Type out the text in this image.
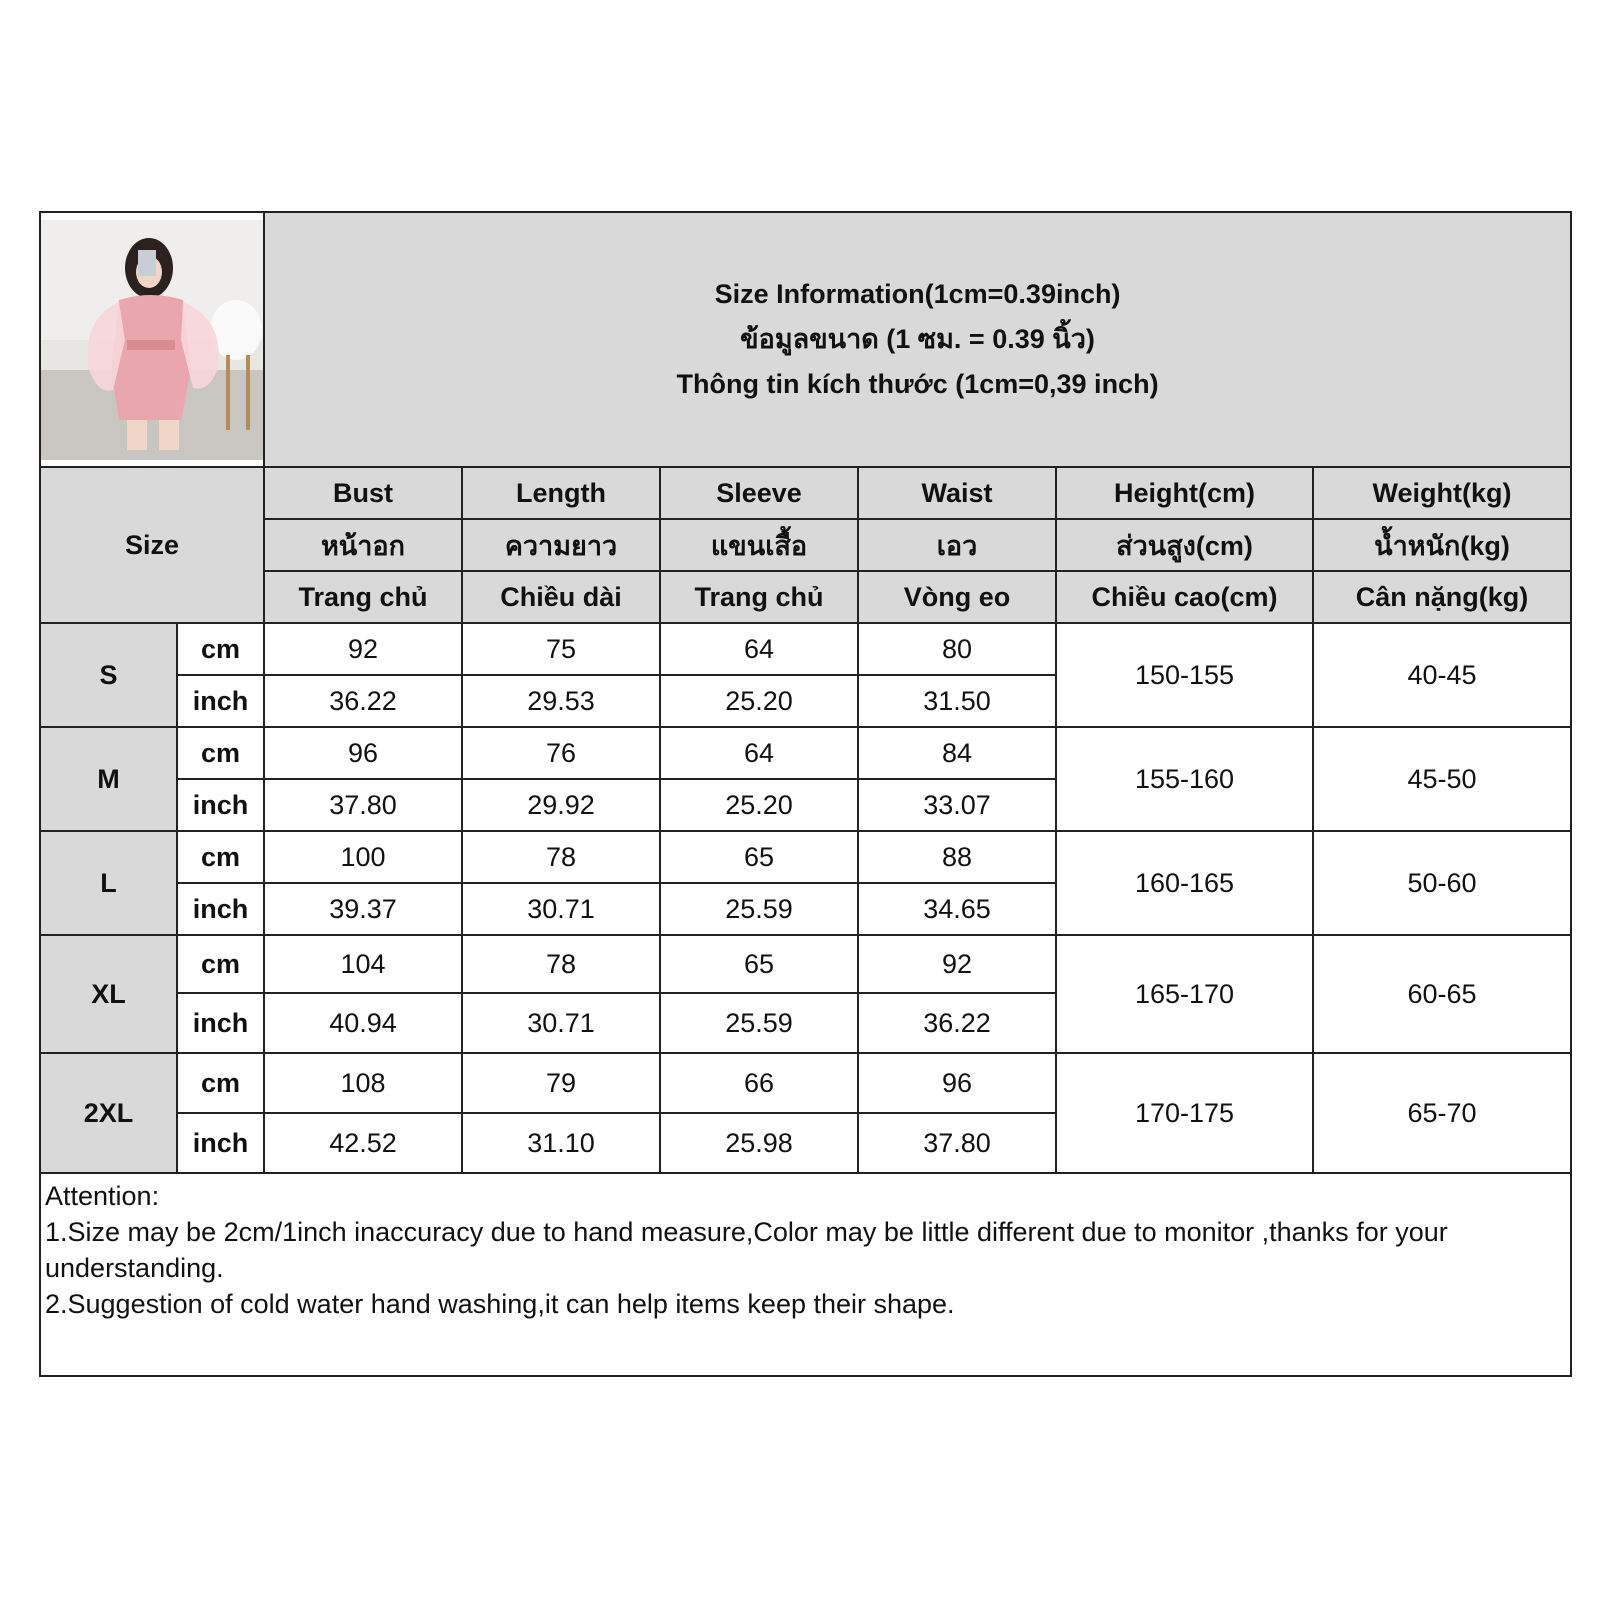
Size Information(1cm=0.39inch)
ข้อมูลขนาด (1 ซม. = 0.39 นิ้ว)
Thông tin kích thước (1cm=0,39 inch)					

Size		Bust	Length	Sleeve	Waist	Height(cm)	Weight(kg)
		หน้าอก	ความยาว	แขนเสื้อ	เอว	ส่วนสูง(cm)	น้ำหนัก(kg)
		Trang chủ	Chiều dài	Trang chủ	Vòng eo	Chiều cao(cm)	Cân nặng(kg)
S	cm	92	75	64	80	150-155	40-45
	inch	36.22	29.53	25.20	31.50		
M	cm	96	76	64	84	155-160	45-50
	inch	37.80	29.92	25.20	33.07		
L	cm	100	78	65	88	160-165	50-60
	inch	39.37	30.71	25.59	34.65		
XL	cm	104	78	65	92	165-170	60-65
	inch	40.94	30.71	25.59	36.22		
2XL	cm	108	79	66	96	170-175	65-70
	inch	42.52	31.10	25.98	37.80		

Attention:
1.Size may be 2cm/1inch inaccuracy due to hand measure,Color may be little different due to monitor ,thanks for your understanding.
2.Suggestion of cold water hand washing,it can help items keep their shape.							
